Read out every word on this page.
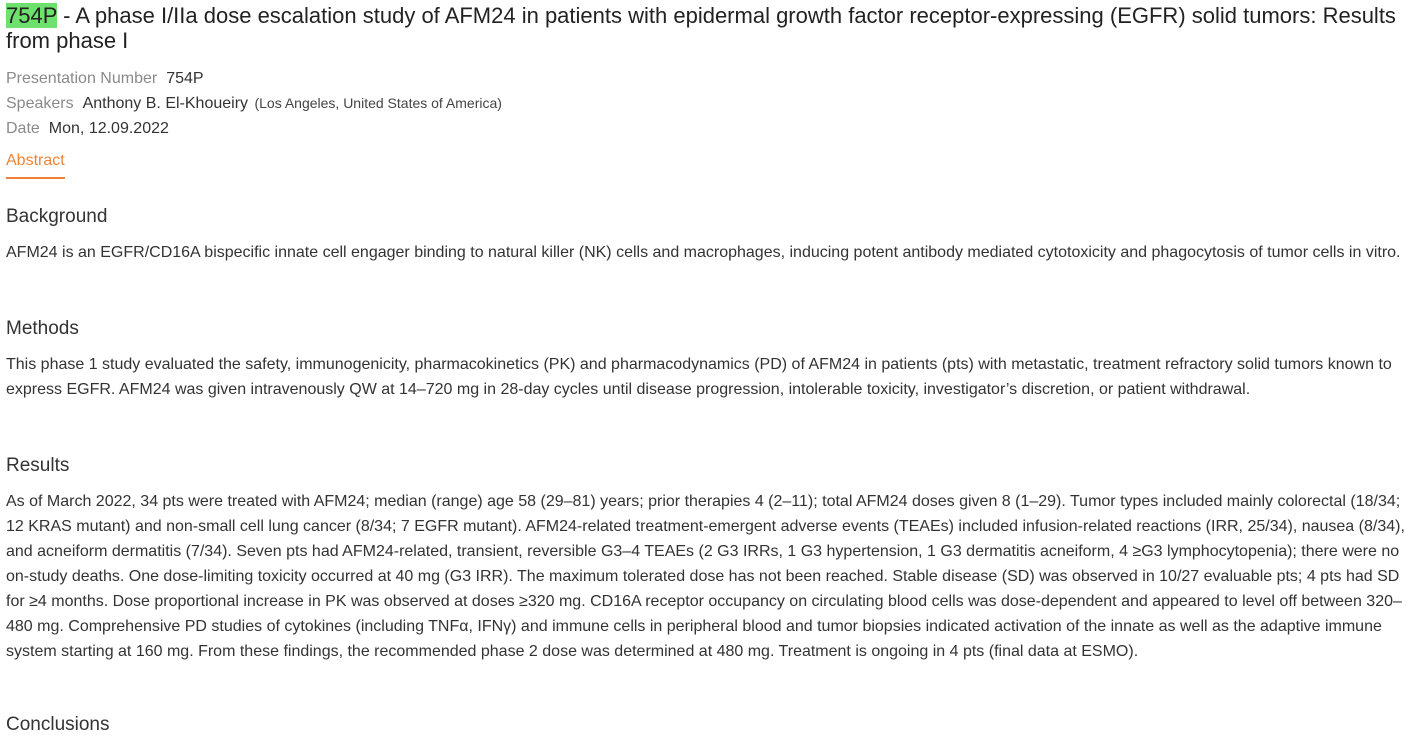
754P - A phase I/IIa dose escalation study of AFM24 in patients with epidermal growth factor receptor-expressing (EGFR) solid tumors: Results from phase I
Presentation Number 754P
Speakers Anthony B. El-Khoueiry (Los Angeles, United States of America)
Date Mon, 12.09.2022
Abstract
Background

AFM24 is an EGFR/CD16A bispecific innate cell engager binding to natural killer (NK) cells and macrophages, inducing potent antibody mediated cytotoxicity and phagocytosis of tumor cells in vitro.

Methods

This phase 1 study evaluated the safety, immunogenicity, pharmacokinetics (PK) and pharmacodynamics (PD) of AFM24 in patients (pts) with metastatic, treatment refractory solid tumors known to express EGFR. AFM24 was given intravenously QW at 14–720 mg in 28-day cycles until disease progression, intolerable toxicity, investigator’s discretion, or patient withdrawal.

Results

As of March 2022, 34 pts were treated with AFM24; median (range) age 58 (29–81) years; prior therapies 4 (2–11); total AFM24 doses given 8 (1–29). Tumor types included mainly colorectal (18/34; 12 KRAS mutant) and non-small cell lung cancer (8/34; 7 EGFR mutant). AFM24-related treatment-emergent adverse events (TEAEs) included infusion-related reactions (IRR, 25/34), nausea (8/34), and acneiform dermatitis (7/34). Seven pts had AFM24-related, transient, reversible G3–4 TEAEs (2 G3 IRRs, 1 G3 hypertension, 1 G3 dermatitis acneiform, 4 ≥G3 lymphocytopenia); there were no on-study deaths. One dose-limiting toxicity occurred at 40 mg (G3 IRR). The maximum tolerated dose has not been reached. Stable disease (SD) was observed in 10/27 evaluable pts; 4 pts had SD for ≥4 months. Dose proportional increase in PK was observed at doses ≥320 mg. CD16A receptor occupancy on circulating blood cells was dose-dependent and appeared to level off between 320–480 mg. Comprehensive PD studies of cytokines (including TNFα, IFNγ) and immune cells in peripheral blood and tumor biopsies indicated activation of the innate as well as the adaptive immune system starting at 160 mg. From these findings, the recommended phase 2 dose was determined at 480 mg. Treatment is ongoing in 4 pts (final data at ESMO).

Conclusions
